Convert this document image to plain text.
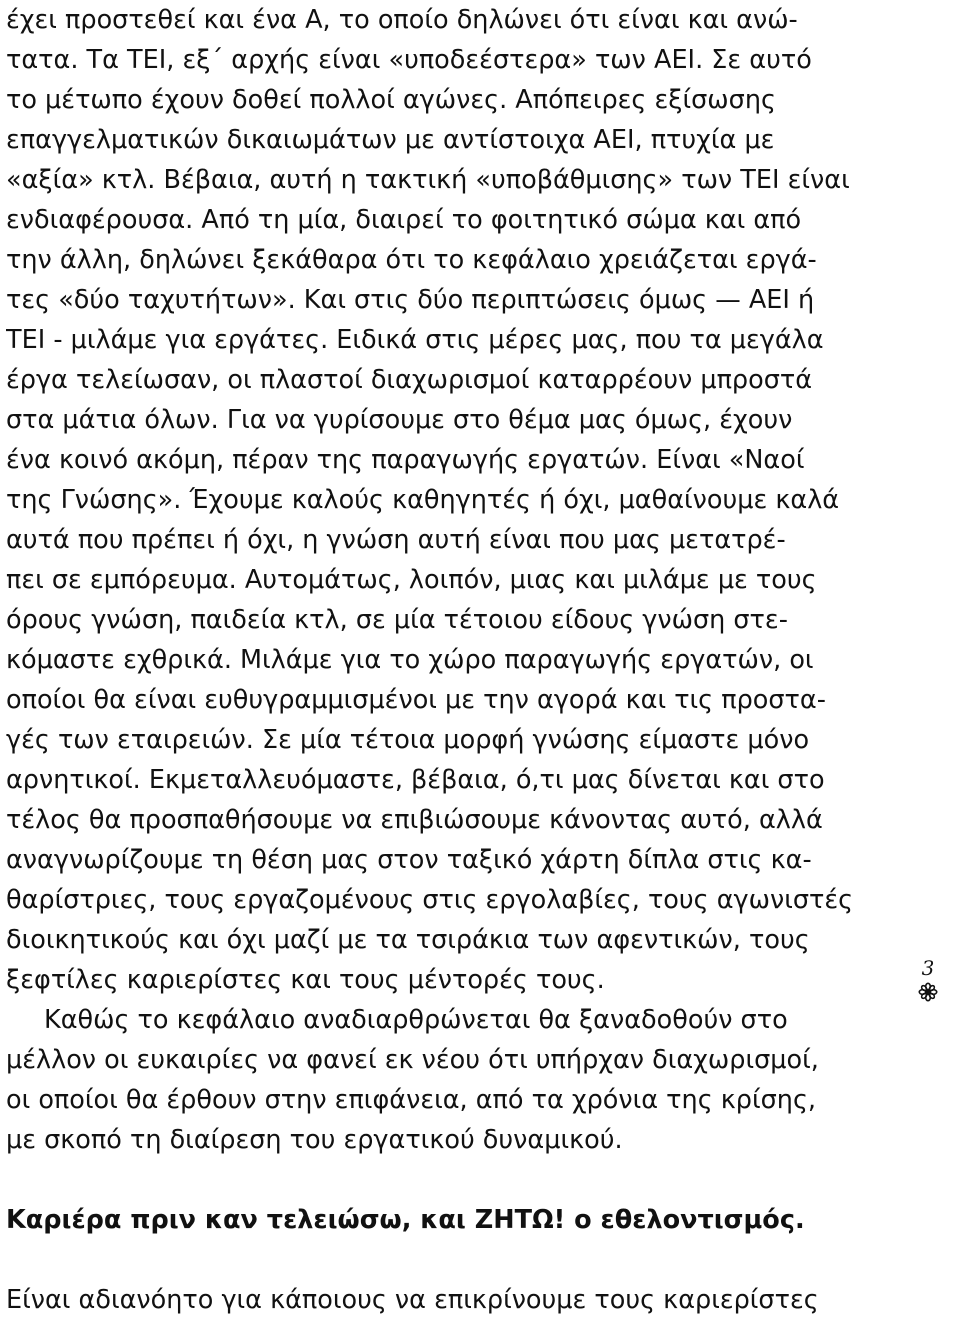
έχει προστεθεί και ένα Α, το οποίο δηλώνει ότι είναι και ανώ-
τατα. Τα ΤΕΙ, εξ΄ αρχής είναι «υποδεέστερα» των ΑΕΙ. Σε αυτό
το μέτωπο έχουν δοθεί πολλοί αγώνες. Απόπειρες εξίσωσης
επαγγελματικών δικαιωμάτων με αντίστοιχα ΑΕΙ, πτυχία με
«αξία» κτλ. Βέβαια, αυτή η τακτική «υποβάθμισης» των ΤΕΙ είναι
ενδιαφέρουσα. Από τη μία, διαιρεί το φοιτητικό σώμα και από
την άλλη, δηλώνει ξεκάθαρα ότι το κεφάλαιο χρειάζεται εργά-
τες «δύο ταχυτήτων». Και στις δύο περιπτώσεις όμως — ΑΕΙ ή
ΤΕΙ - μιλάμε για εργάτες. Ειδικά στις μέρες μας, που τα μεγάλα
έργα τελείωσαν, οι πλαστοί διαχωρισμοί καταρρέουν μπροστά
στα μάτια όλων. Για να γυρίσουμε στο θέμα μας όμως, έχουν
ένα κοινό ακόμη, πέραν της παραγωγής εργατών. Είναι «Ναοί
της Γνώσης». Έχουμε καλούς καθηγητές ή όχι, μαθαίνουμε καλά
αυτά που πρέπει ή όχι, η γνώση αυτή είναι που μας μετατρέ-
πει σε εμπόρευμα. Αυτομάτως, λοιπόν, μιας και μιλάμε με τους
όρους γνώση, παιδεία κτλ, σε μία τέτοιου είδους γνώση στε-
κόμαστε εχθρικά. Μιλάμε για το χώρο παραγωγής εργατών, οι
οποίοι θα είναι ευθυγραμμισμένοι με την αγορά και τις προστα-
γές των εταιρειών. Σε μία τέτοια μορφή γνώσης είμαστε μόνο
αρνητικοί. Εκμεταλλευόμαστε, βέβαια, ό,τι μας δίνεται και στο
τέλος θα προσπαθήσουμε να επιβιώσουμε κάνοντας αυτό, αλλά
αναγνωρίζουμε τη θέση μας στον ταξικό χάρτη δίπλα στις κα-
θαρίστριες, τους εργαζομένους στις εργολαβίες, τους αγωνιστές
διοικητικούς και όχι μαζί με τα τσιράκια των αφεντικών, τους
ξεφτίλες καριερίστες και τους μέντορές τους.
Καθώς το κεφάλαιο αναδιαρθρώνεται θα ξαναδοθούν στο
μέλλον οι ευκαιρίες να φανεί εκ νέου ότι υπήρχαν διαχωρισμοί,
οι οποίοι θα έρθουν στην επιφάνεια, από τα χρόνια της κρίσης,
με σκοπό τη διαίρεση του εργατικού δυναμικού.
Καριέρα πριν καν τελειώσω, και ΖΗΤΩ! ο εθελοντισμός.
Είναι αδιανόητο για κάποιους να επικρίνουμε τους καριερίστες
3
